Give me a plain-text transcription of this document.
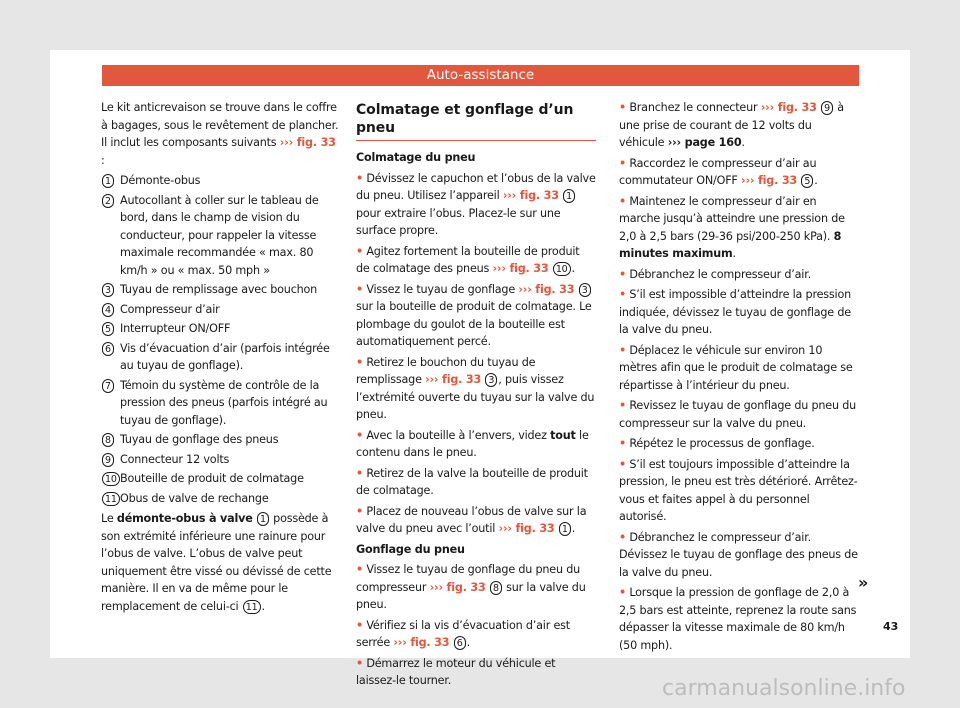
Auto-assistance

Le kit anticrevaison se trouve dans le coffre à bagages, sous le revêtement de plancher. Il inclut les composants suivants ››› fig. 33 :

1 Démonte-obus
2 Autocollant à coller sur le tableau de bord, dans le champ de vision du conducteur, pour rappeler la vitesse maximale recommandée « max. 80 km/h » ou « max. 50 mph »
3 Tuyau de remplissage avec bouchon
4 Compresseur d’air
5 Interrupteur ON/OFF
6 Vis d’évacuation d’air (parfois intégrée au tuyau de gonflage).
7 Témoin du système de contrôle de la pression des pneus (parfois intégré au tuyau de gonflage).
8 Tuyau de gonflage des pneus
9 Connecteur 12 volts
10 Bouteille de produit de colmatage
11 Obus de valve de rechange

Le démonte-obus à valve 1 possède à son extrémité inférieure une rainure pour l’obus de valve. L’obus de valve peut uniquement être vissé ou dévissé de cette manière. Il en va de même pour le remplacement de celui-ci 11 .

Colmatage et gonflage d’un pneu

Colmatage du pneu

• Dévissez le capuchon et l’obus de la valve du pneu. Utilisez l’appareil ››› fig. 33 1 pour extraire l’obus. Placez-le sur une surface propre.

• Agitez fortement la bouteille de produit de colmatage des pneus ››› fig. 33 10 .

• Vissez le tuyau de gonflage ››› fig. 33 3 sur la bouteille de produit de colmatage. Le plombage du goulot de la bouteille est automatiquement percé.

• Retirez le bouchon du tuyau de remplissage ››› fig. 33 3 , puis vissez l’extrémité ouverte du tuyau sur la valve du pneu.

• Avec la bouteille à l’envers, videz tout le contenu dans le pneu.

• Retirez de la valve la bouteille de produit de colmatage.

• Placez de nouveau l’obus de valve sur la valve du pneu avec l’outil ››› fig. 33 1 .

Gonflage du pneu

• Vissez le tuyau de gonflage du pneu du compresseur ››› fig. 33 8 sur la valve du pneu.

• Vérifiez si la vis d’évacuation d’air est serrée ››› fig. 33 6 .

• Démarrez le moteur du véhicule et laissez-le tourner.

• Branchez le connecteur ››› fig. 33 9 à une prise de courant de 12 volts du véhicule ››› page 160.

• Raccordez le compresseur d’air au commutateur ON/OFF ››› fig. 33 5 .

• Maintenez le compresseur d’air en marche jusqu’à atteindre une pression de 2,0 à 2,5 bars (29-36 psi/200-250 kPa). 8 minutes maximum.

• Débranchez le compresseur d’air.

• S’il est impossible d’atteindre la pression indiquée, dévissez le tuyau de gonflage de la valve du pneu.

• Déplacez le véhicule sur environ 10 mètres afin que le produit de colmatage se répartisse à l’intérieur du pneu.

• Revissez le tuyau de gonflage du pneu du compresseur sur la valve du pneu.

• Répétez le processus de gonflage.

• S’il est toujours impossible d’atteindre la pression, le pneu est très détérioré. Arrêtez-vous et faites appel à du personnel autorisé.

• Débranchez le compresseur d’air. Dévissez le tuyau de gonflage des pneus de la valve du pneu.

• Lorsque la pression de gonflage de 2,0 à 2,5 bars est atteinte, reprenez la route sans dépasser la vitesse maximale de 80 km/h (50 mph).

»
43
carmanualsonline.info
